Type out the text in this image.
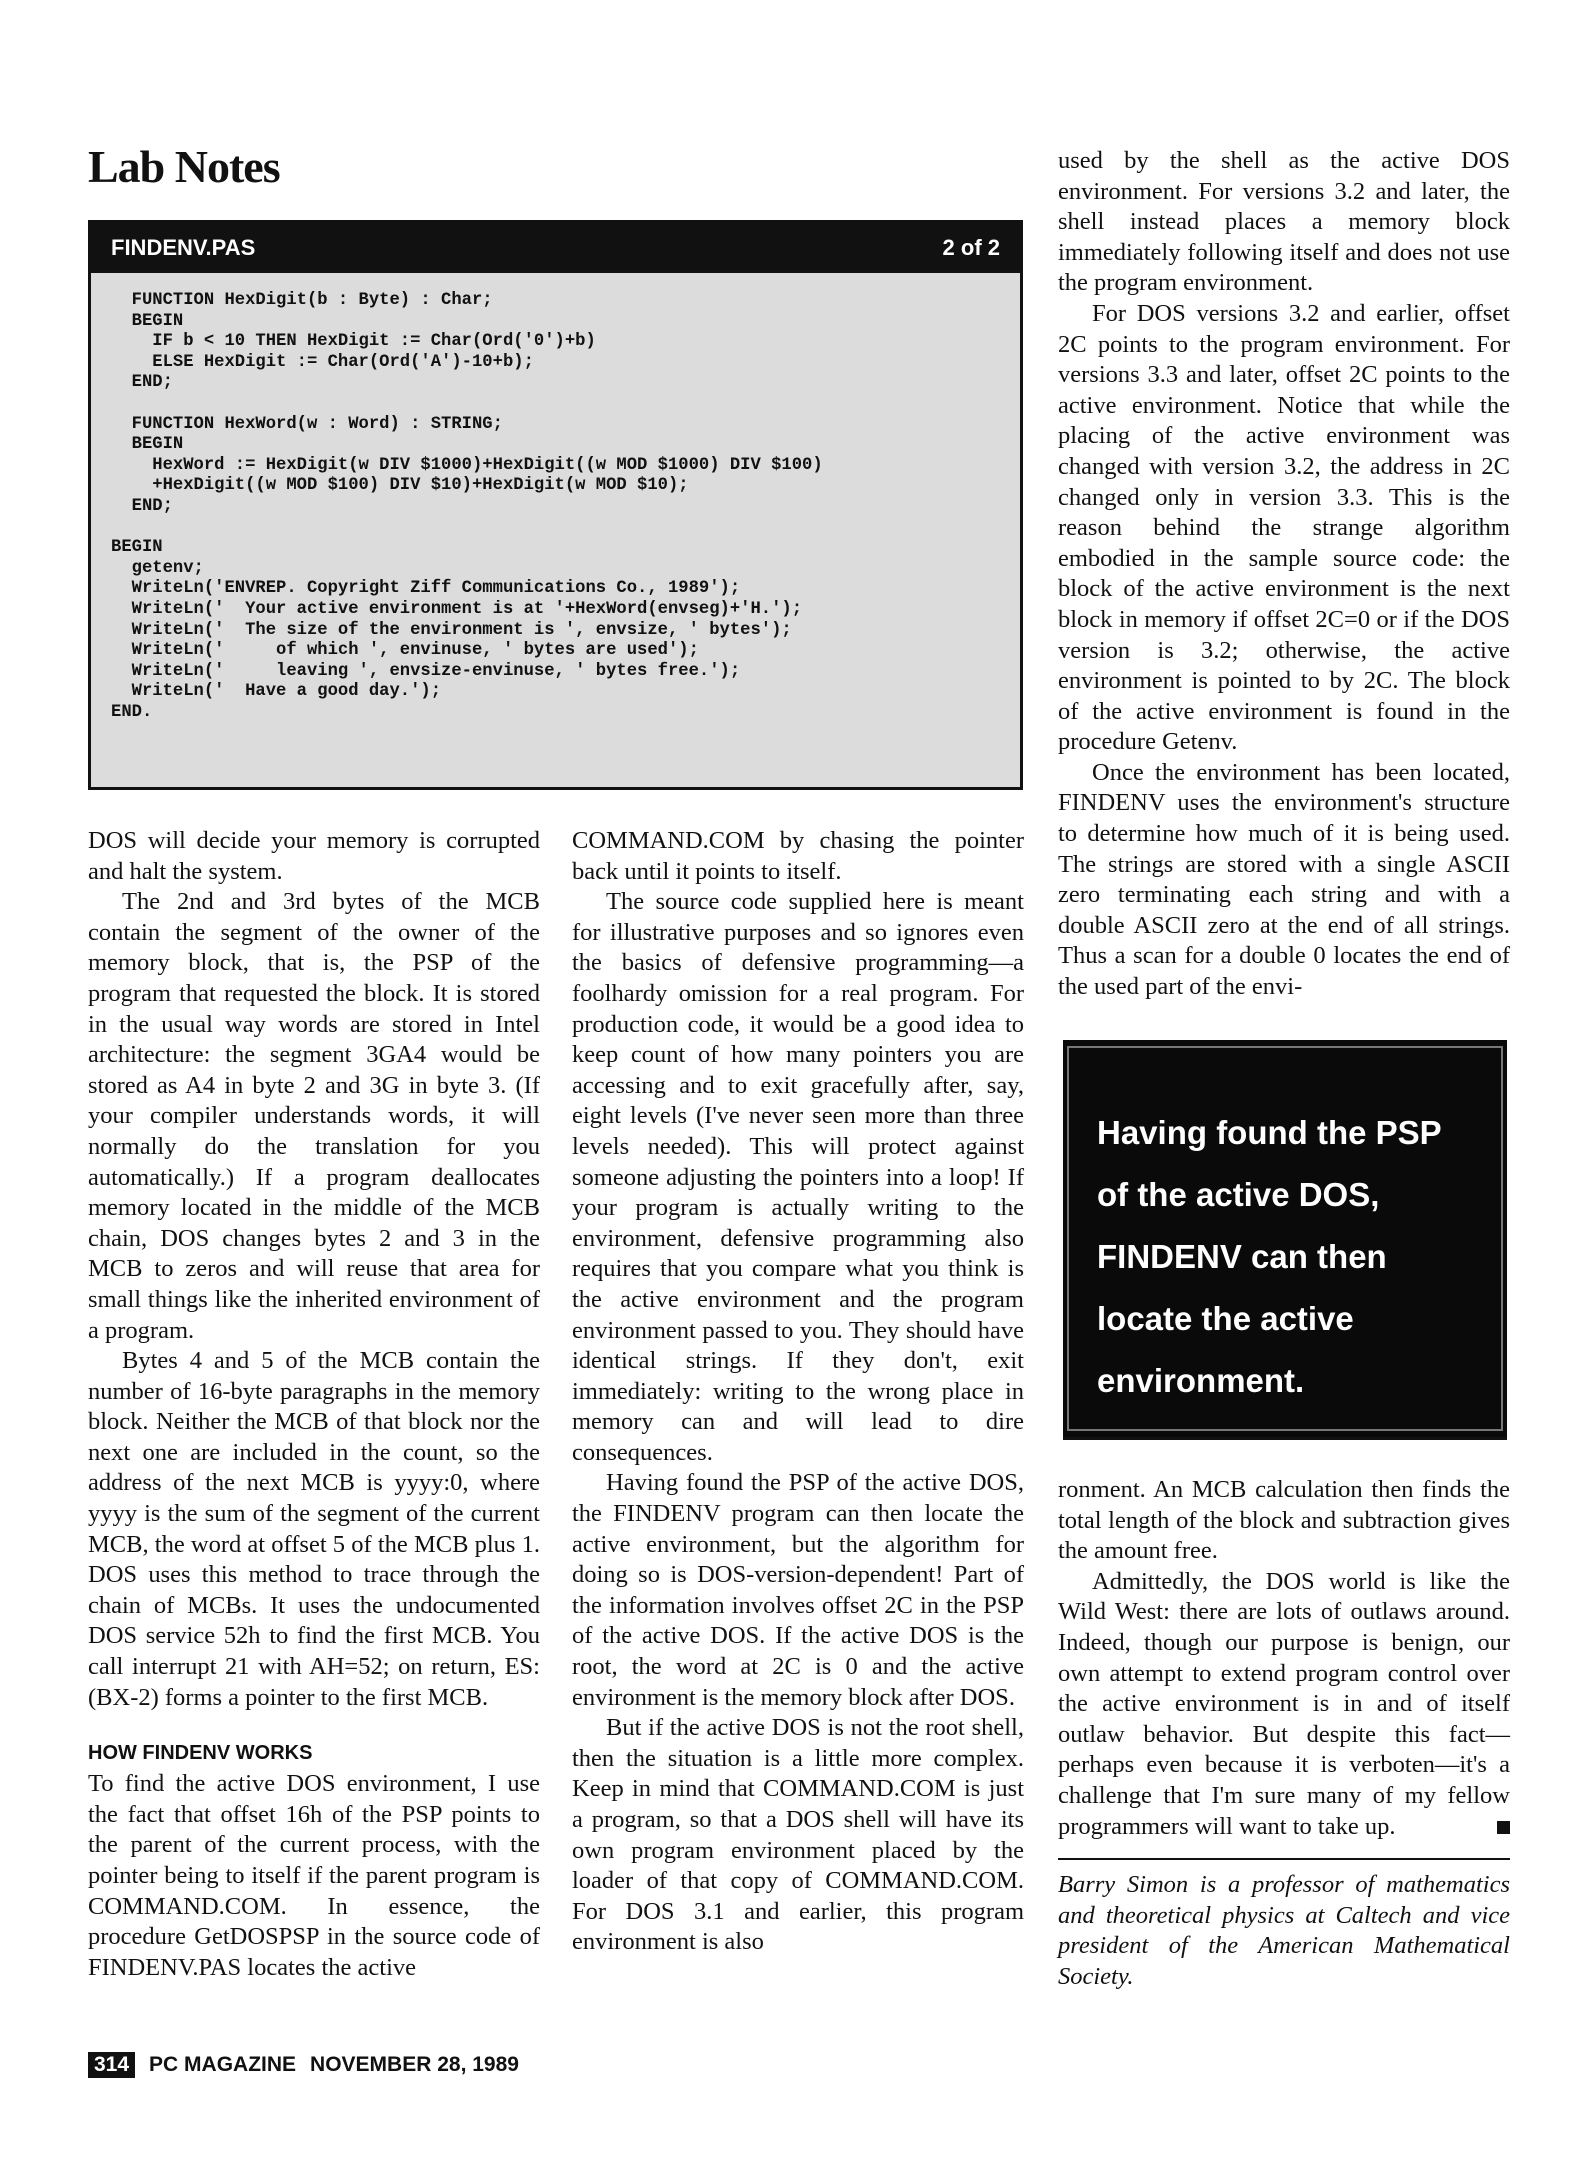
Lab Notes
FINDENV.PAS	2 of 2
FUNCTION HexDigit(b : Byte) : Char;
BEGIN
IF b < 10 THEN HexDigit := Char(Ord('0')+b)
ELSE HexDigit := Char(Ord('A')-10+b);
END;

FUNCTION HexWord(w : Word) : STRING;
BEGIN
HexWord := HexDigit(w DIV $1000)+HexDigit((w MOD $1000) DIV $100)
+HexDigit((w MOD $100) DIV $10)+HexDigit(w MOD $10);
END;

BEGIN
getenv;
WriteLn('ENVREP. Copyright Ziff Communications Co., 1989');
WriteLn('  Your active environment is at '+HexWord(envseg)+'H.');
WriteLn('  The size of the environment is ', envsize, ' bytes');
WriteLn('     of which ', envinuse, ' bytes are used');
WriteLn('     leaving ', envsize-envinuse, ' bytes free.');
WriteLn('  Have a good day.');
END.

DOS will decide your memory is corrupted and halt the system.

The 2nd and 3rd bytes of the MCB contain the segment of the owner of the memory block, that is, the PSP of the program that requested the block. It is stored in the usual way words are stored in Intel architecture: the segment 3GA4 would be stored as A4 in byte 2 and 3G in byte 3. (If your compiler understands words, it will normally do the translation for you automatically.) If a program deallocates memory located in the middle of the MCB chain, DOS changes bytes 2 and 3 in the MCB to zeros and will reuse that area for small things like the inherited environment of a program.

Bytes 4 and 5 of the MCB contain the number of 16-byte paragraphs in the memory block. Neither the MCB of that block nor the next one are included in the count, so the address of the next MCB is yyyy:0, where yyyy is the sum of the segment of the current MCB, the word at offset 5 of the MCB plus 1. DOS uses this method to trace through the chain of MCBs. It uses the undocumented DOS service 52h to find the first MCB. You call interrupt 21 with AH=52; on return, ES:(BX-2) forms a pointer to the first MCB.

HOW FINDENV WORKS

To find the active DOS environment, I use the fact that offset 16h of the PSP points to the parent of the current process, with the pointer being to itself if the parent program is COMMAND.COM. In essence, the procedure GetDOSPSP in the source code of FINDENV.PAS locates the active

COMMAND.COM by chasing the pointer back until it points to itself.

The source code supplied here is meant for illustrative purposes and so ignores even the basics of defensive programming—a foolhardy omission for a real program. For production code, it would be a good idea to keep count of how many pointers you are accessing and to exit gracefully after, say, eight levels (I've never seen more than three levels needed). This will protect against someone adjusting the pointers into a loop! If your program is actually writing to the environment, defensive programming also requires that you compare what you think is the active environment and the program environment passed to you. They should have identical strings. If they don't, exit immediately: writing to the wrong place in memory can and will lead to dire consequences.

Having found the PSP of the active DOS, the FINDENV program can then locate the active environment, but the algorithm for doing so is DOS-version-dependent! Part of the information involves offset 2C in the PSP of the active DOS. If the active DOS is the root, the word at 2C is 0 and the active environment is the memory block after DOS.

But if the active DOS is not the root shell, then the situation is a little more complex. Keep in mind that COMMAND.COM is just a program, so that a DOS shell will have its own program environment placed by the loader of that copy of COMMAND.COM. For DOS 3.1 and earlier, this program environment is also

used by the shell as the active DOS environment. For versions 3.2 and later, the shell instead places a memory block immediately following itself and does not use the program environment.

For DOS versions 3.2 and earlier, offset 2C points to the program environment. For versions 3.3 and later, offset 2C points to the active environment. Notice that while the placing of the active environment was changed with version 3.2, the address in 2C changed only in version 3.3. This is the reason behind the strange algorithm embodied in the sample source code: the block of the active environment is the next block in memory if offset 2C=0 or if the DOS version is 3.2; otherwise, the active environment is pointed to by 2C. The block of the active environment is found in the procedure Getenv.

Once the environment has been located, FINDENV uses the environment's structure to determine how much of it is being used. The strings are stored with a single ASCII zero terminating each string and with a double ASCII zero at the end of all strings. Thus a scan for a double 0 locates the end of the used part of the envi-

Having found the PSP of the active DOS, FINDENV can then locate the active environment.

ronment. An MCB calculation then finds the total length of the block and subtraction gives the amount free.

Admittedly, the DOS world is like the Wild West: there are lots of outlaws around. Indeed, though our purpose is benign, our own attempt to extend program control over the active environment is in and of itself outlaw behavior. But despite this fact—perhaps even because it is verboten—it's a challenge that I'm sure many of my fellow programmers will want to take up.

Barry Simon is a professor of mathematics and theoretical physics at Caltech and vice president of the American Mathematical Society.

314 PC MAGAZINE NOVEMBER 28, 1989
